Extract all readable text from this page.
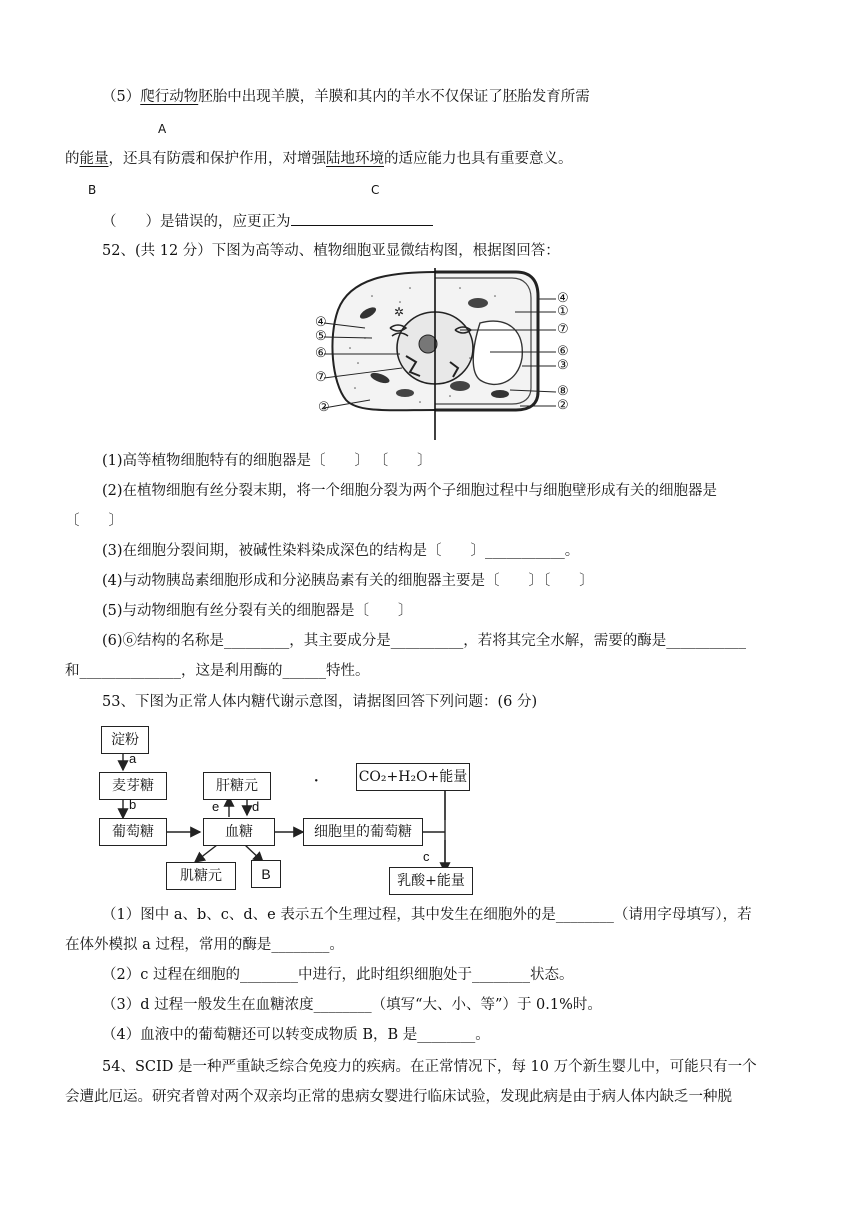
（5）爬行动物胚胎中出现羊膜，羊膜和其内的羊水不仅保证了胚胎发育所需
A
的能量，还具有防震和保护作用，对增强陆地环境的适应能力也具有重要意义。
B	C
（　　）是错误的，应更正为
52、(共 12 分）下图为高等动、植物细胞亚显微结构图，根据图回答：
✲
④
⑤
⑥
⑦
②
④
①
⑦
⑥
③
⑧
②
(1)高等植物细胞特有的细胞器是〔　　〕 〔　　〕
(2)在植物细胞有丝分裂末期，将一个细胞分裂为两个子细胞过程中与细胞壁形成有关的细胞器是
〔　　〕
(3)在细胞分裂间期，被碱性染料染成深色的结构是〔　　〕___________。
(4)与动物胰岛素细胞形成和分泌胰岛素有关的细胞器主要是〔　　〕〔　　〕
(5)与动物细胞有丝分裂有关的细胞器是〔　　〕
(6)⑥结构的名称是_________，其主要成分是__________，若将其完全水解，需要的酶是___________
和______________，这是利用酶的______特性。
53、下图为正常人体内糖代谢示意图，请据图回答下列问题：(6 分)
淀粉
麦芽糖
葡萄糖
肝糖元
血糖	细胞里的葡萄糖
CO₂+H₂O+能量
肌糖元	B	乳酸+能量
a
b	e	d
c
·
（1）图中 a、b、c、d、e 表示五个生理过程，其中发生在细胞外的是________（请用字母填写），若
在体外模拟 a 过程，常用的酶是________。
（2）c 过程在细胞的________中进行，此时组织细胞处于________状态。
（3）d 过程一般发生在血糖浓度________（填写“大、小、等”）于 0.1%时。
（4）血液中的葡萄糖还可以转变成物质 B，B 是________。
54、SCID 是一种严重缺乏综合免疫力的疾病。在正常情况下，每 10 万个新生婴儿中，可能只有一个
会遭此厄运。研究者曾对两个双亲均正常的患病女婴进行临床试验，发现此病是由于病人体内缺乏一种脱
